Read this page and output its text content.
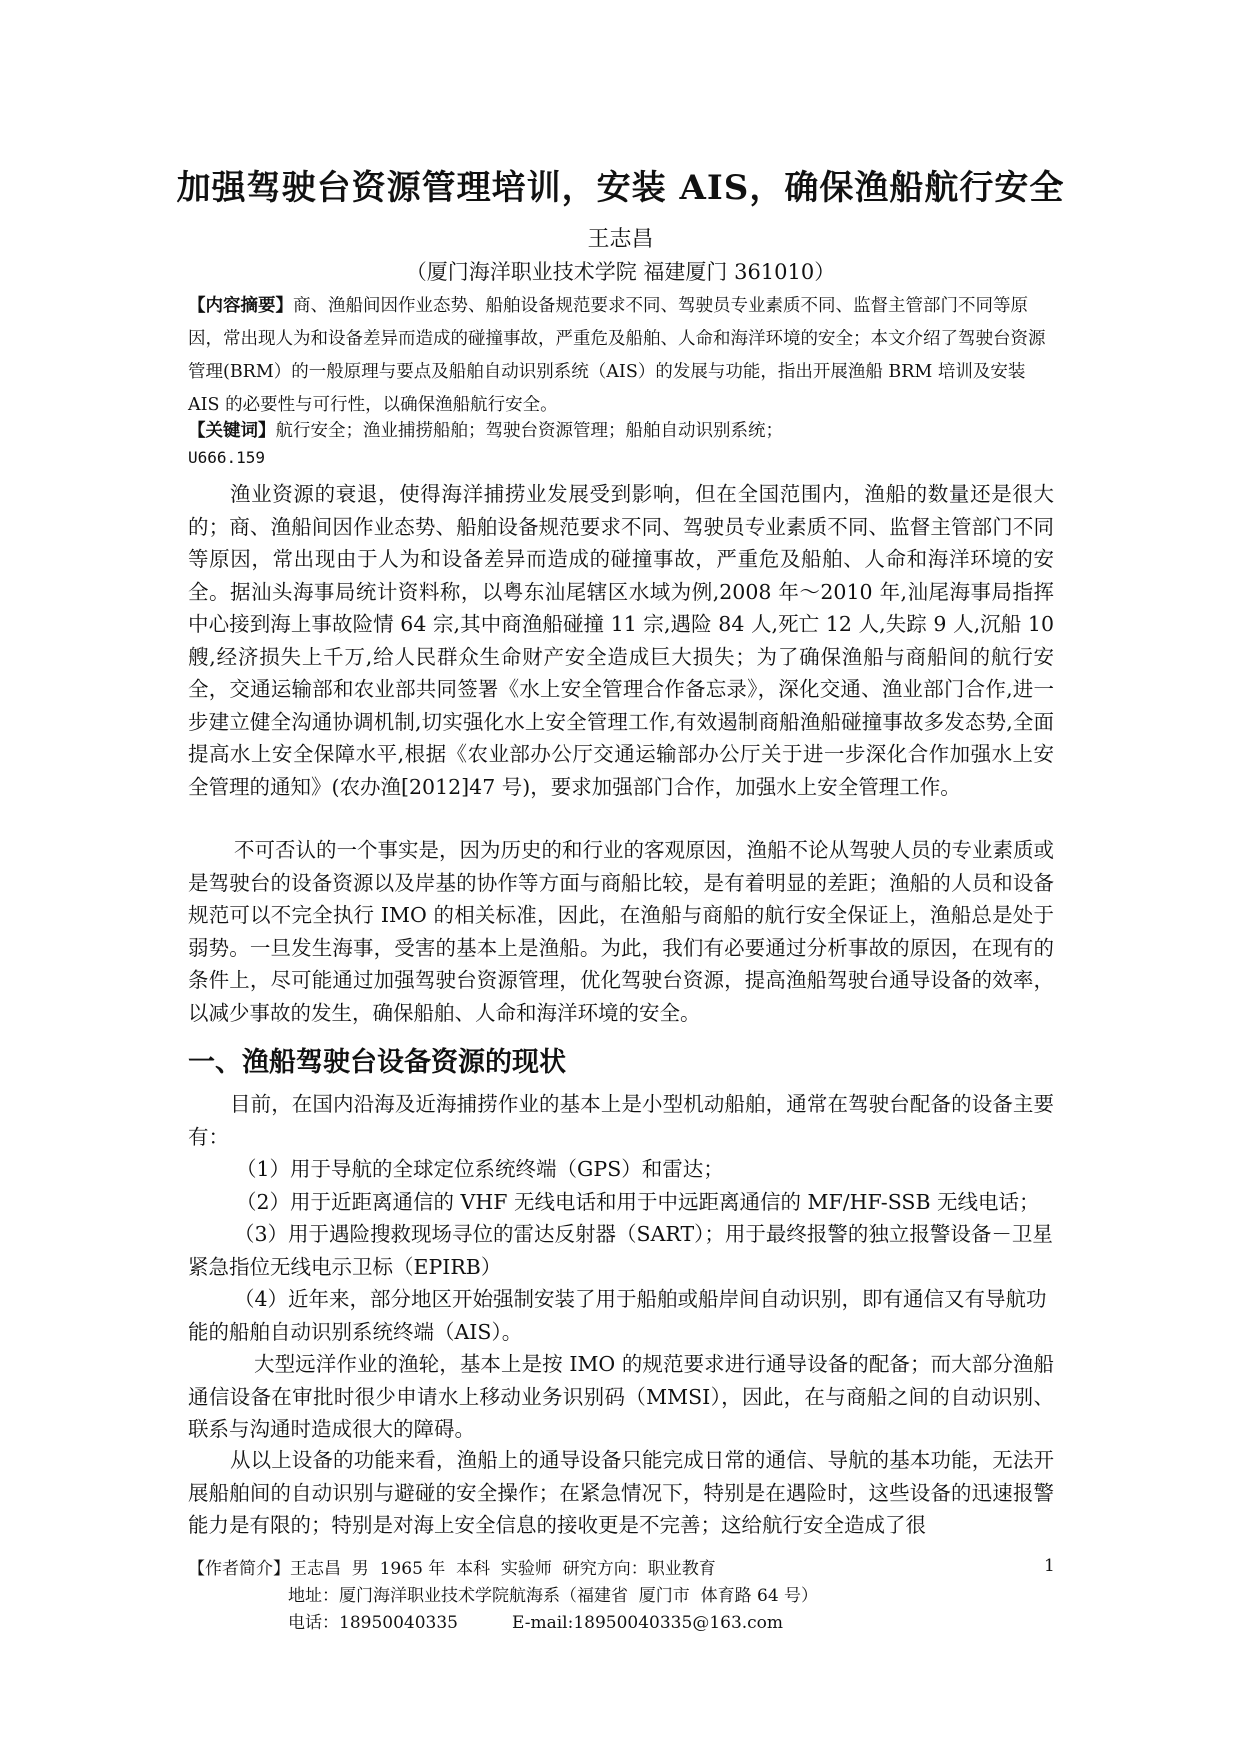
加强驾驶台资源管理培训，安装 AIS，确保渔船航行安全
王志昌
（厦门海洋职业技术学院 福建厦门 361010）

【内容摘要】商、渔船间因作业态势、船舶设备规范要求不同、驾驶员专业素质不同、监督主管部门不同等原因，常出现人为和设备差异而造成的碰撞事故，严重危及船舶、人命和海洋环境的安全；本文介绍了驾驶台资源管理(BRM）的一般原理与要点及船舶自动识别系统（AIS）的发展与功能，指出开展渔船 BRM 培训及安装 AIS 的必要性与可行性，以确保渔船航行安全。

【关键词】航行安全；渔业捕捞船舶；驾驶台资源管理；船舶自动识别系统；

U666.159

渔业资源的衰退，使得海洋捕捞业发展受到影响，但在全国范围内，渔船的数量还是很大的；商、渔船间因作业态势、船舶设备规范要求不同、驾驶员专业素质不同、监督主管部门不同等原因，常出现由于人为和设备差异而造成的碰撞事故，严重危及船舶、人命和海洋环境的安全。据汕头海事局统计资料称，以粤东汕尾辖区水域为例,2008 年～2010 年,汕尾海事局指挥中心接到海上事故险情 64 宗,其中商渔船碰撞 11 宗,遇险 84 人,死亡 12 人,失踪 9 人,沉船 10 艘,经济损失上千万,给人民群众生命财产安全造成巨大损失；为了确保渔船与商船间的航行安全，交通运输部和农业部共同签署《水上安全管理合作备忘录》，深化交通、渔业部门合作,进一步建立健全沟通协调机制,切实强化水上安全管理工作,有效遏制商船渔船碰撞事故多发态势,全面提高水上安全保障水平,根据《农业部办公厅交通运输部办公厅关于进一步深化合作加强水上安全管理的通知》(农办渔[2012]47 号)，要求加强部门合作，加强水上安全管理工作。

不可否认的一个事实是，因为历史的和行业的客观原因，渔船不论从驾驶人员的专业素质或是驾驶台的设备资源以及岸基的协作等方面与商船比较，是有着明显的差距；渔船的人员和设备规范可以不完全执行 IMO 的相关标准，因此，在渔船与商船的航行安全保证上，渔船总是处于弱势。一旦发生海事，受害的基本上是渔船。为此，我们有必要通过分析事故的原因，在现有的条件上，尽可能通过加强驾驶台资源管理，优化驾驶台资源，提高渔船驾驶台通导设备的效率，以减少事故的发生，确保船舶、人命和海洋环境的安全。

一、渔船驾驶台设备资源的现状

目前，在国内沿海及近海捕捞作业的基本上是小型机动船舶，通常在驾驶台配备的设备主要有：

（1）用于导航的全球定位系统终端（GPS）和雷达；

（2）用于近距离通信的 VHF 无线电话和用于中远距离通信的 MF/HF-SSB 无线电话；

（3）用于遇险搜救现场寻位的雷达反射器（SART）；用于最终报警的独立报警设备－卫星紧急指位无线电示卫标（EPIRB）

（4）近年来，部分地区开始强制安装了用于船舶或船岸间自动识别，即有通信又有导航功能的船舶自动识别系统终端（AIS）。

大型远洋作业的渔轮，基本上是按 IMO 的规范要求进行通导设备的配备；而大部分渔船通信设备在审批时很少申请水上移动业务识别码（MMSI），因此，在与商船之间的自动识别、联系与沟通时造成很大的障碍。

从以上设备的功能来看，渔船上的通导设备只能完成日常的通信、导航的基本功能，无法开展船舶间的自动识别与避碰的安全操作；在紧急情况下，特别是在遇险时，这些设备的迅速报警能力是有限的；特别是对海上安全信息的接收更是不完善；这给航行安全造成了很

【作者简介】王志昌  男  1965 年  本科  实验师  研究方向：职业教育
地址：厦门海洋职业技术学院航海系（福建省  厦门市  体育路 64 号）
电话：18950040335          E-mail:18950040335@163.com
1
